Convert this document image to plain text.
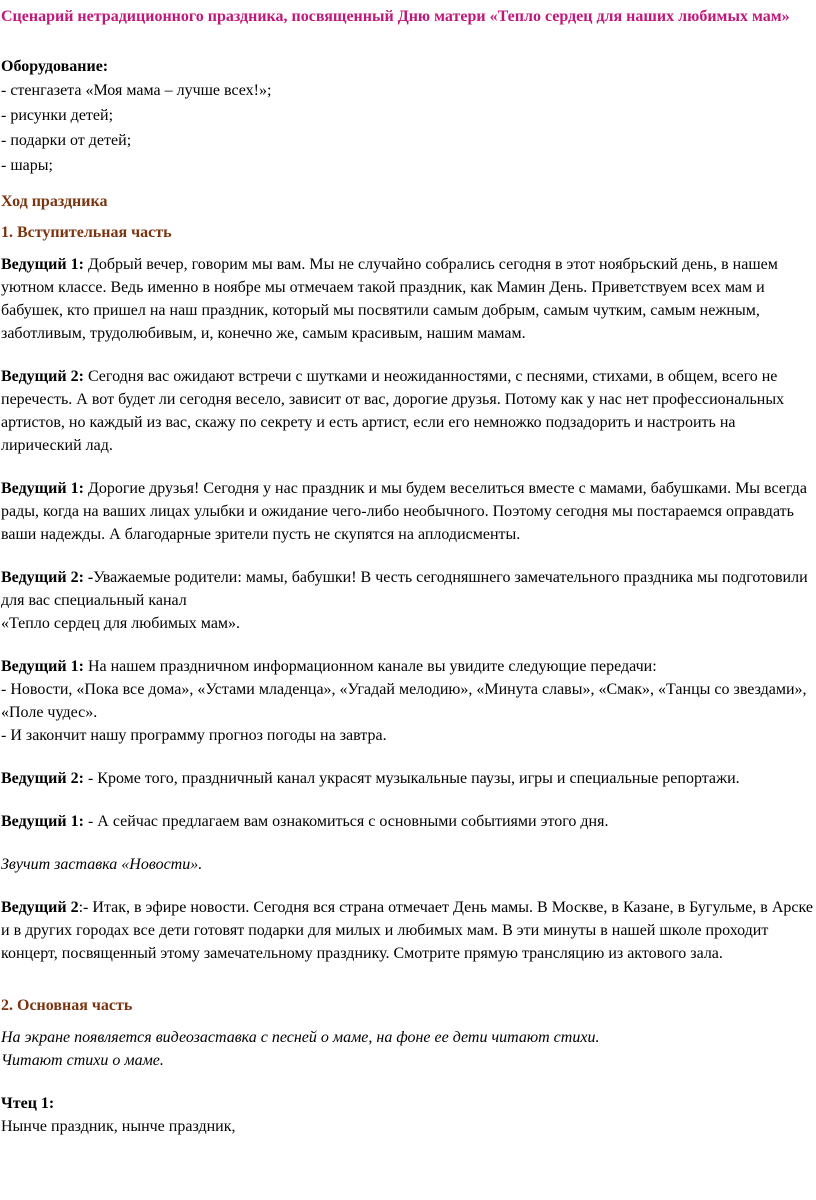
Сценарий нетрадиционного праздника, посвященный Дню матери «Тепло сердец для наших любимых мам»

Оборудование:

- стенгазета «Моя мама – лучше всех!»;

- рисунки детей;

- подарки от детей;

- шары;

Ход праздника

1. Вступительная часть

Ведущий 1: Добрый вечер, говорим мы вам. Мы не случайно собрались сегодня в этот ноябрьский день, в нашем уютном классе. Ведь именно в ноябре мы отмечаем такой праздник, как Мамин День. Приветствуем всех мам и бабушек, кто пришел на наш праздник, который мы посвятили самым добрым, самым чутким, самым нежным, заботливым, трудолюбивым, и, конечно же, самым красивым, нашим мамам.

Ведущий 2: Сегодня вас ожидают встречи с шутками и неожиданностями, с песнями, стихами, в общем, всего не перечесть. А вот будет ли сегодня весело, зависит от вас, дорогие друзья. Потому как у нас нет профессиональных артистов, но каждый из вас, скажу по секрету и есть артист, если его немножко подзадорить и настроить на лирический лад.

Ведущий 1: Дорогие друзья! Сегодня у нас праздник и мы будем веселиться вместе с мамами, бабушками. Мы всегда рады, когда на ваших лицах улыбки и ожидание чего-либо необычного. Поэтому сегодня мы постараемся оправдать ваши надежды. А благодарные зрители пусть не скупятся на аплодисменты.

Ведущий 2: -Уважаемые родители: мамы, бабушки! В честь сегодняшнего замечательного праздника мы подготовили для вас специальный канал

«Тепло сердец для любимых мам».

Ведущий 1: На нашем праздничном информационном канале вы увидите следующие передачи:

- Новости, «Пока все дома», «Устами младенца», «Угадай мелодию», «Минута славы», «Смак», «Танцы со звездами», «Поле чудес».

- И закончит нашу программу прогноз погоды на завтра.

Ведущий 2: - Кроме того, праздничный канал украсят музыкальные паузы, игры и специальные репортажи.

Ведущий 1: - А сейчас предлагаем вам ознакомиться с основными событиями этого дня.

Звучит заставка «Новости».

Ведущий 2:- Итак, в эфире новости. Сегодня вся страна отмечает День мамы. В Москве, в Казане, в Бугульме, в Арске и в других городах все дети готовят подарки для милых и любимых мам. В эти минуты в нашей школе проходит концерт, посвященный этому замечательному празднику. Смотрите прямую трансляцию из актового зала.

2. Основная часть

На экране появляется видеозаставка с песней о маме, на фоне ее дети читают стихи.

Читают стихи о маме.

Чтец 1:

Нынче праздник, нынче праздник,
